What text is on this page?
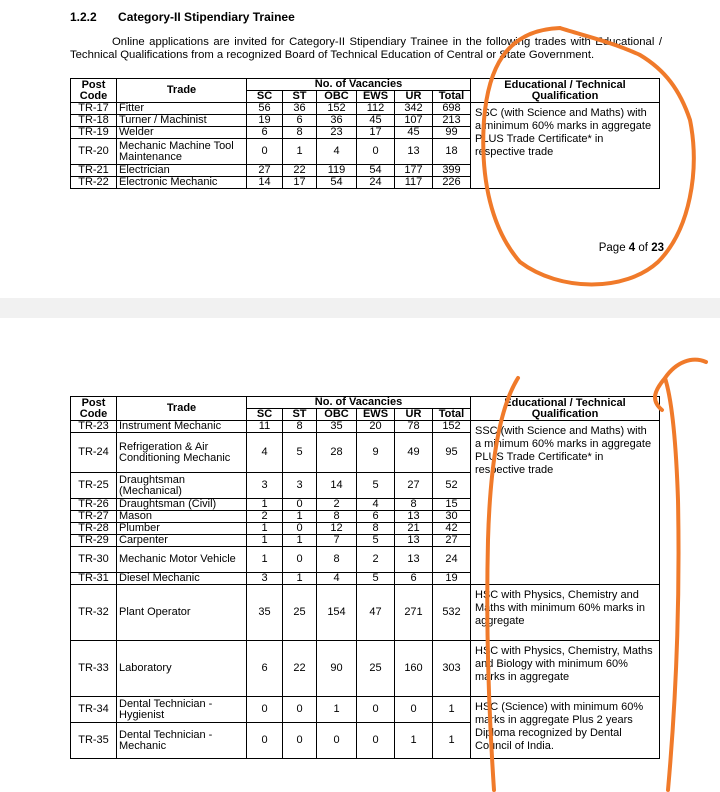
1.2.2 Category-II Stipendiary Trainee
Online applications are invited for Category-II Stipendiary Trainee in the following trades with Educational / Technical Qualifications from a recognized Board of Technical Education of Central or State Government.
Post Code	Trade	No. of Vacancies						Educational / Technical Qualification
		SC	ST	OBC	EWS	UR	Total	
TR-17	Fitter	56	36	152	112	342	698	SSC (with Science and Maths) with a minimum 60% marks in aggregate PLUS Trade Certificate* in respective trade
TR-18	Turner / Machinist	19	6	36	45	107	213	
TR-19	Welder	6	8	23	17	45	99	
TR-20	Mechanic Machine Tool Maintenance	0	1	4	0	13	18	
TR-21	Electrician	27	22	119	54	177	399	
TR-22	Electronic Mechanic	14	17	54	24	117	226	
Page 4 of 23
Post Code	Trade	No. of Vacancies						Educational / Technical Qualification
		SC	ST	OBC	EWS	UR	Total	
TR-23	Instrument Mechanic	11	8	35	20	78	152	SSC (with Science and Maths) with a minimum 60% marks in aggregate PLUS Trade Certificate* in respective trade
TR-24	Refrigeration & Air Conditioning Mechanic	4	5	28	9	49	95	
TR-25	Draughtsman (Mechanical)	3	3	14	5	27	52	
TR-26	Draughtsman (Civil)	1	0	2	4	8	15	
TR-27	Mason	2	1	8	6	13	30	
TR-28	Plumber	1	0	12	8	21	42	
TR-29	Carpenter	1	1	7	5	13	27	
TR-30	Mechanic Motor Vehicle	1	0	8	2	13	24	
TR-31	Diesel Mechanic	3	1	4	5	6	19	
TR-32	Plant Operator	35	25	154	47	271	532	HSC with Physics, Chemistry and Maths with minimum 60% marks in aggregate
TR-33	Laboratory	6	22	90	25	160	303	HSC with Physics, Chemistry, Maths and Biology with minimum 60% marks in aggregate
TR-34	Dental Technician - Hygienist	0	0	1	0	0	1	HSC (Science) with minimum 60% marks in aggregate Plus 2 years Diploma recognized by Dental Council of India.
TR-35	Dental Technician - Mechanic	0	0	0	0	1	1	
